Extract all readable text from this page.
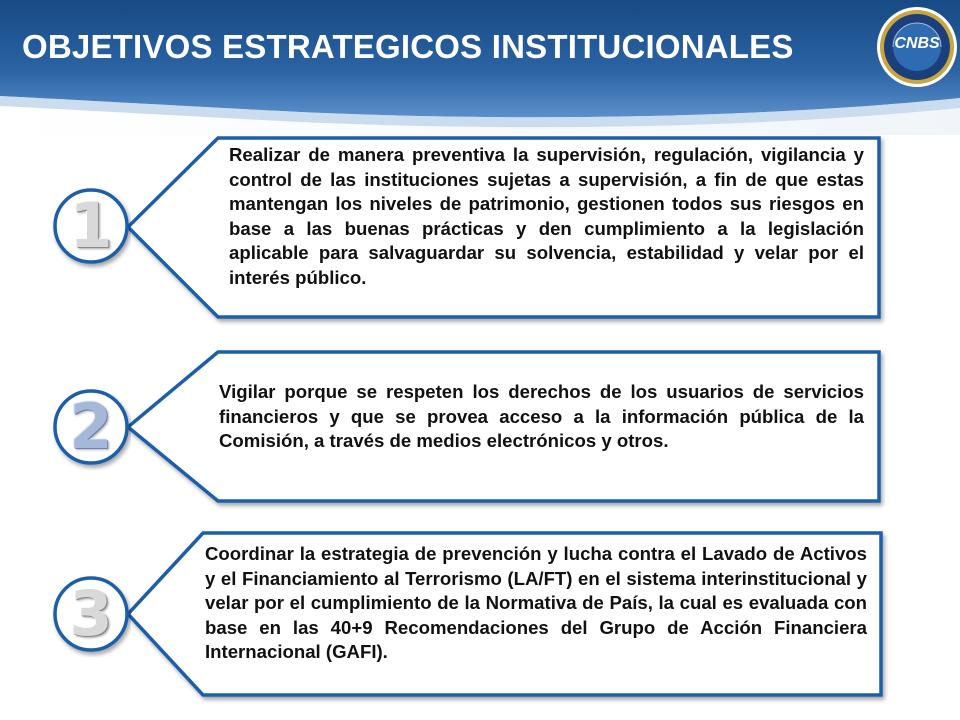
OBJETIVOS ESTRATEGICOS INSTITUCIONALES	CNBS
1
2
3

Realizar de manera preventiva la supervisión, regulación, vigilancia y control de las instituciones sujetas a supervisión, a fin de que estas mantengan los niveles de patrimonio, gestionen todos sus riesgos en base a las buenas prácticas y den cumplimiento a la legislación aplicable para salvaguardar su solvencia, estabilidad y velar por el interés público.

Vigilar porque se respeten los derechos de los usuarios de servicios financieros y que se provea acceso a la información pública de la Comisión, a través de medios electrónicos y otros.

Coordinar la estrategia de prevención y lucha contra el Lavado de Activos y el Financiamiento al Terrorismo (LA/FT) en el sistema interinstitucional y velar por el cumplimiento de la Normativa de País, la cual es evaluada con base en las 40+9 Recomendaciones del Grupo de Acción Financiera Internacional (GAFI).
